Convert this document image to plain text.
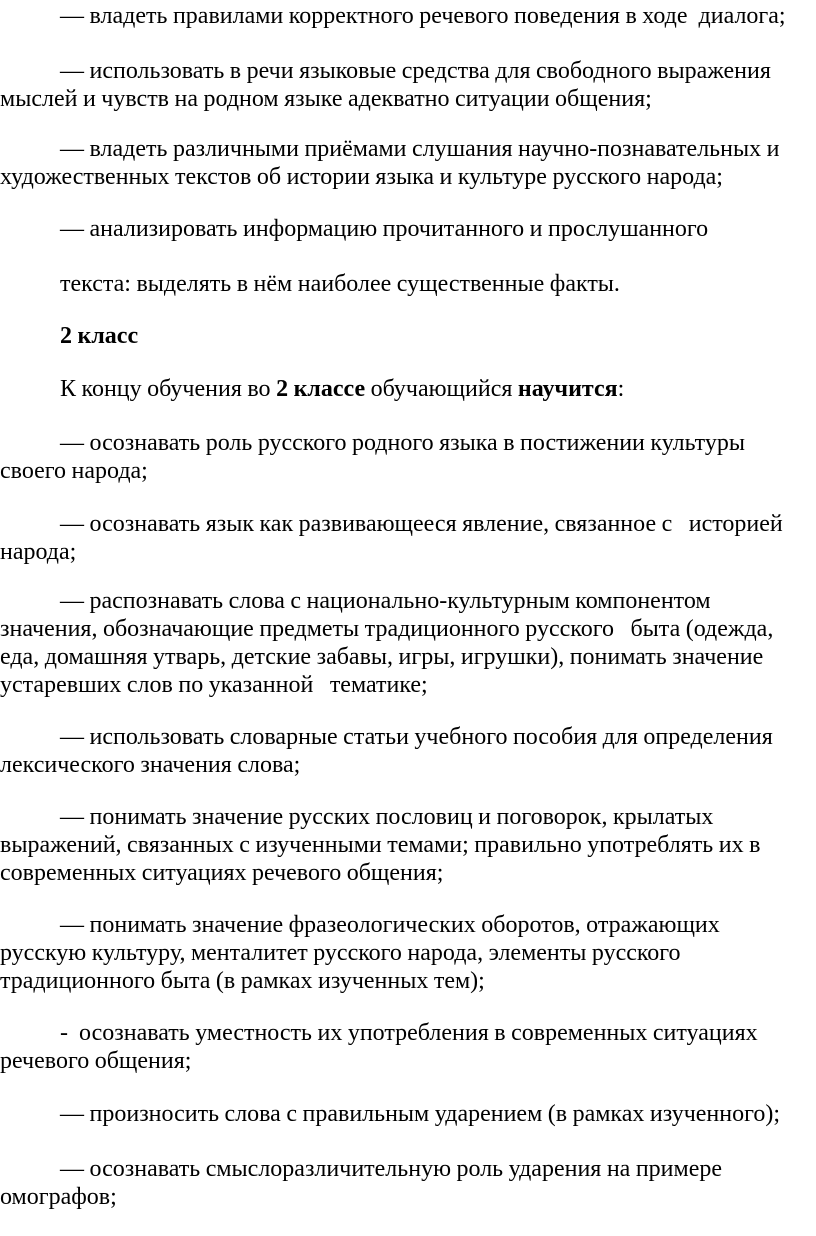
— владеть правилами корректного речевого поведения в ходе  диалога;

— использовать в речи языковые средства для свободного выражения
мыслей и чувств на родном языке адекватно ситуации общения;

— владеть различными приёмами слушания научно-познавательных и
художественных текстов об истории языка и культуре русского народа;

— анализировать информацию прочитанного и прослушанного

текста: выделять в нём наиболее существенные факты.

2 класс

К концу обучения во 2 классе обучающийся научится:

— осознавать роль русского родного языка в постижении культуры
своего народа;

— осознавать язык как развивающееся явление, связанное с   историей
народа;

— распознавать слова с национально-культурным компонентом
значения, обозначающие предметы традиционного русского   быта (одежда,
еда, домашняя утварь, детские забавы, игры, игрушки), понимать значение
устаревших слов по указанной   тематике;

— использовать словарные статьи учебного пособия для определения
лексического значения слова;

— понимать значение русских пословиц и поговорок, крылатых
выражений, связанных с изученными темами; правильно употреблять их в
современных ситуациях речевого общения;

— понимать значение фразеологических оборотов, отражающих
русскую культуру, менталитет русского народа, элементы русского
традиционного быта (в рамках изученных тем);

-  осознавать уместность их употребления в современных ситуациях
речевого общения;

— произносить слова с правильным ударением (в рамках изученного);

— осознавать смыслоразличительную роль ударения на примере
омографов;
